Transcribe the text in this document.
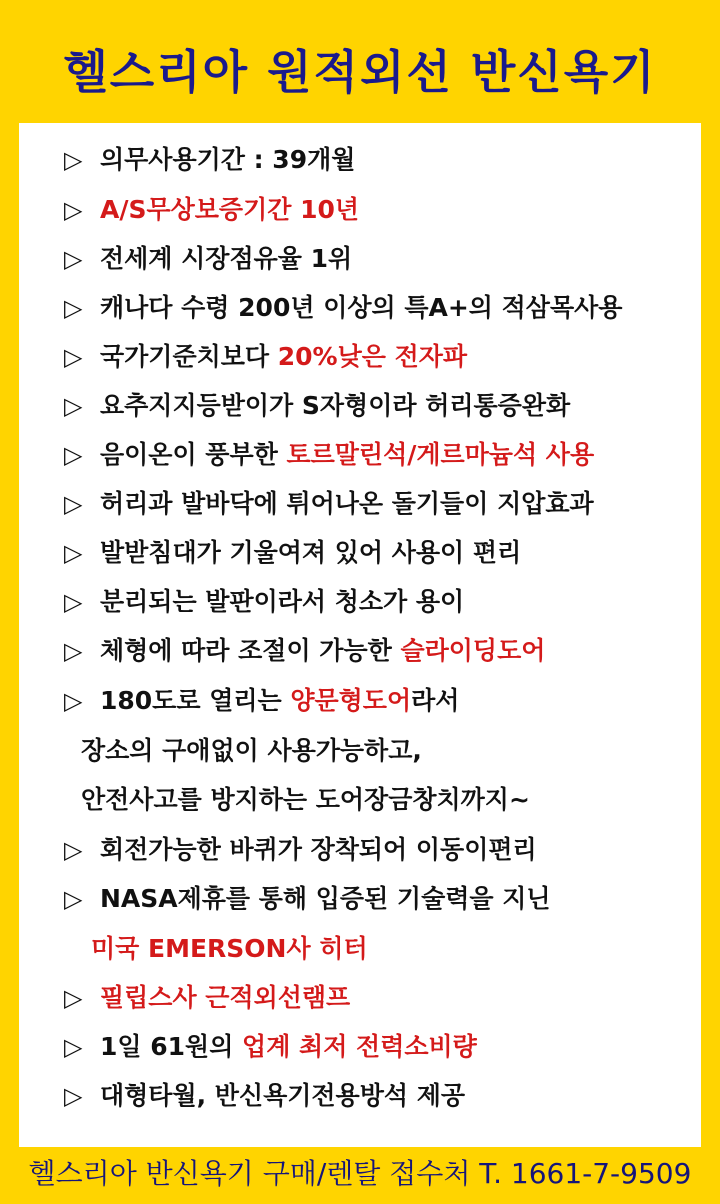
헬스리아 원적외선 반신욕기
▷ 의무사용기간 : 39개월
▷ A/S무상보증기간 10년
▷ 전세계 시장점유율 1위
▷ 캐나다 수령 200년 이상의 특A+의 적삼목사용
▷ 국가기준치보다 20%낮은 전자파
▷ 요추지지등받이가 S자형이라 허리통증완화
▷ 음이온이 풍부한 토르말린석/게르마늄석 사용
▷ 허리과 발바닥에 튀어나온 돌기들이 지압효과
▷ 발받침대가 기울여져 있어 사용이 편리
▷ 분리되는 발판이라서 청소가 용이
▷ 체형에 따라 조절이 가능한 슬라이딩도어
▷ 180도로 열리는 양문형도어라서
장소의 구애없이 사용가능하고,
안전사고를 방지하는 도어장금창치까지~
▷ 회전가능한 바퀴가 장착되어 이동이편리
▷ NASA제휴를 통해 입증된 기술력을 지닌
미국 EMERSON사 히터
▷ 필립스사 근적외선램프
▷ 1일 61원의 업계 최저 전력소비량
▷ 대형타월, 반신욕기전용방석 제공
헬스리아 반신욕기 구매/렌탈 접수처 T. 1661-7-9509
